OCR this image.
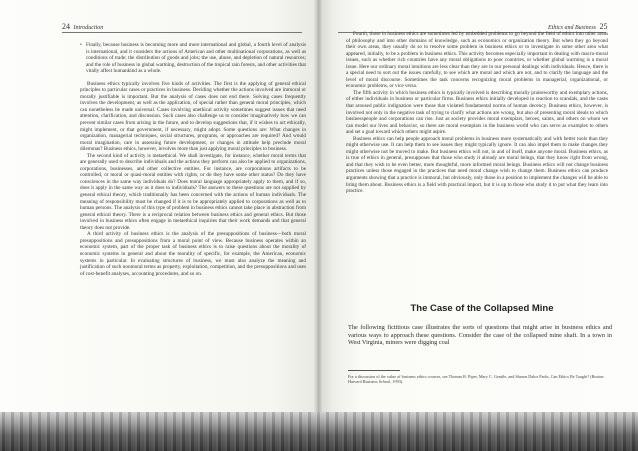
24 Introduction	Ethics and Business 25

• Finally, because business is becoming more and more international and global, a fourth level of analysis is international, and it considers the actions of American and other multinational corporations, as well as conditions of trade; the distribution of goods and jobs; the use, abuse, and depletion of natural resources; and the role of business in global warming, destruction of the tropical rain forests, and other activities that vitally affect humankind as a whole.

Business ethics typically involves five kinds of activities. The first is the applying of general ethical principles to particular cases or practices in business. Deciding whether the actions involved are immoral or morally justifiable is important. But the analysis of cases does not end there. Solving cases frequently involves the development, as well as the application, of special rather than general moral principles, which can nonetheless be made universal. Cases involving unethical activity sometimes suggest issues that need attention, clarification, and discussion. Such cases also challenge us to consider imaginatively how we can prevent similar cases from arising in the future, and to develop suggestions that, if it wishes to act ethically, might implement, or that government, if necessary, might adopt. Some questions are: What changes in organization, managerial techniques, social structures, programs, or approaches are required? And would moral imagination, care in assessing future development, or changes in attitude help preclude moral dilemmas? Business ethics, however, involves more than just applying moral principles to business.

The second kind of activity is metaethical. We shall investigate, for instance, whether moral terms that are generally used to describe individuals and the actions they perform can also be applied to organizations, corporations, businesses, and other collective entities. For instance, are corporations artifacts to be controlled, or moral or quasi-moral entities with rights, or do they have some other status? Do they have consciences in the same way individuals do? Does moral language appropriately apply to them, and if so, does it apply in the same way as it does to individuals? The answers to these questions are not supplied by general ethical theory, which traditionally has been concerned with the actions of human individuals. The meaning of responsibility must be changed if it is to be appropriately applied to corporations as well as to human persons. The analysis of this type of problem in business ethics cannot take place in abstraction from general ethical theory. There is a reciprocal relation between business ethics and general ethics. But those involved in business ethics often engage in metaethical inquiries that their work demands and that general theory does not provide.

A third activity of business ethics is the analysis of the presuppositions of business—both moral presuppositions and presuppositions from a moral point of view. Because business operates within an economic system, part of the proper task of business ethics is to raise questions about the morality of economic systems in general and about the morality of specific, for example, the American, economic systems in particular. In evaluating structures of business, we must also analyze the meaning and justification of such nonmoral terms as property, exploitation, competition, and the presuppositions and uses of cost-benefit analyses, accounting procedures, and so on.

Fourth, those in business ethics are sometimes led by embedded problems to go beyond the field of ethics into other areas of philosophy and into other domains of knowledge, such as economics or organization theory. But when they go beyond their own areas, they usually do so to resolve some problem in business ethics or to investigate in some other area what appeared, initially, to be a problem in business ethics. This activity becomes especially important in dealing with macro-moral issues, such as whether rich countries have any moral obligations to poor countries, or whether global warming is a moral issue. Here our ordinary moral intuitions are less clear than they are in our personal dealings with individuals. Hence, there is a special need to sort out the issues carefully, to see which are moral and which are not, and to clarify the language and the level of moral discourse. Sometimes the task concerns recognizing moral problems in managerial, organizational, or economic problems, or vice versa.

The fifth activity in which business ethics is typically involved is describing morally praiseworthy and exemplary actions, of either individuals in business or particular firms. Business ethics initially developed in reaction to scandals, and the cases that aroused public indignation were those that violated fundamental norms of human decency. Business ethics, however, is involved not only in the negative task of trying to clarify what actions are wrong, but also of presenting moral ideals to which businesspeople and corporations can rise. Just as society provides moral exemplars, heroes, saints, and others on whom we can model our lives and behavior, so there are moral exemplars in the business world who can serve as examples to others and set a goal toward which others might aspire.

Business ethics can help people approach moral problems in business more systematically and with better tools than they might otherwise use. It can help them to see issues they might typically ignore. It can also impel them to make changes they might otherwise not be moved to make. But business ethics will not, in and of itself, make anyone moral. Business ethics, as is true of ethics in general, presupposes that those who study it already are moral beings, that they know right from wrong, and that they wish to be even better, more thoughtful, more informed moral beings. Business ethics will not change business practices unless those engaged in the practices that need moral change wish to change them. Business ethics can produce arguments showing that a practice is immoral, but obviously, only those in a position to implement the changes will be able to bring them about. Business ethics is a field with practical import, but it is up to those who study it to put what they learn into practice.

The Case of the Collapsed Mine

The following fictitious case illustrates the sorts of questions that might arise in business ethics and various ways to approach these questions. Consider the case of the collapsed mine shaft. In a town in West Virginia, miners were digging coal

For a discussion of the value of business ethics courses, see Thomas R. Piper, Mary C. Gentile, and Sharon Daloz Parks, Can Ethics Be Taught? (Boston: Harvard Business School, 1993).
